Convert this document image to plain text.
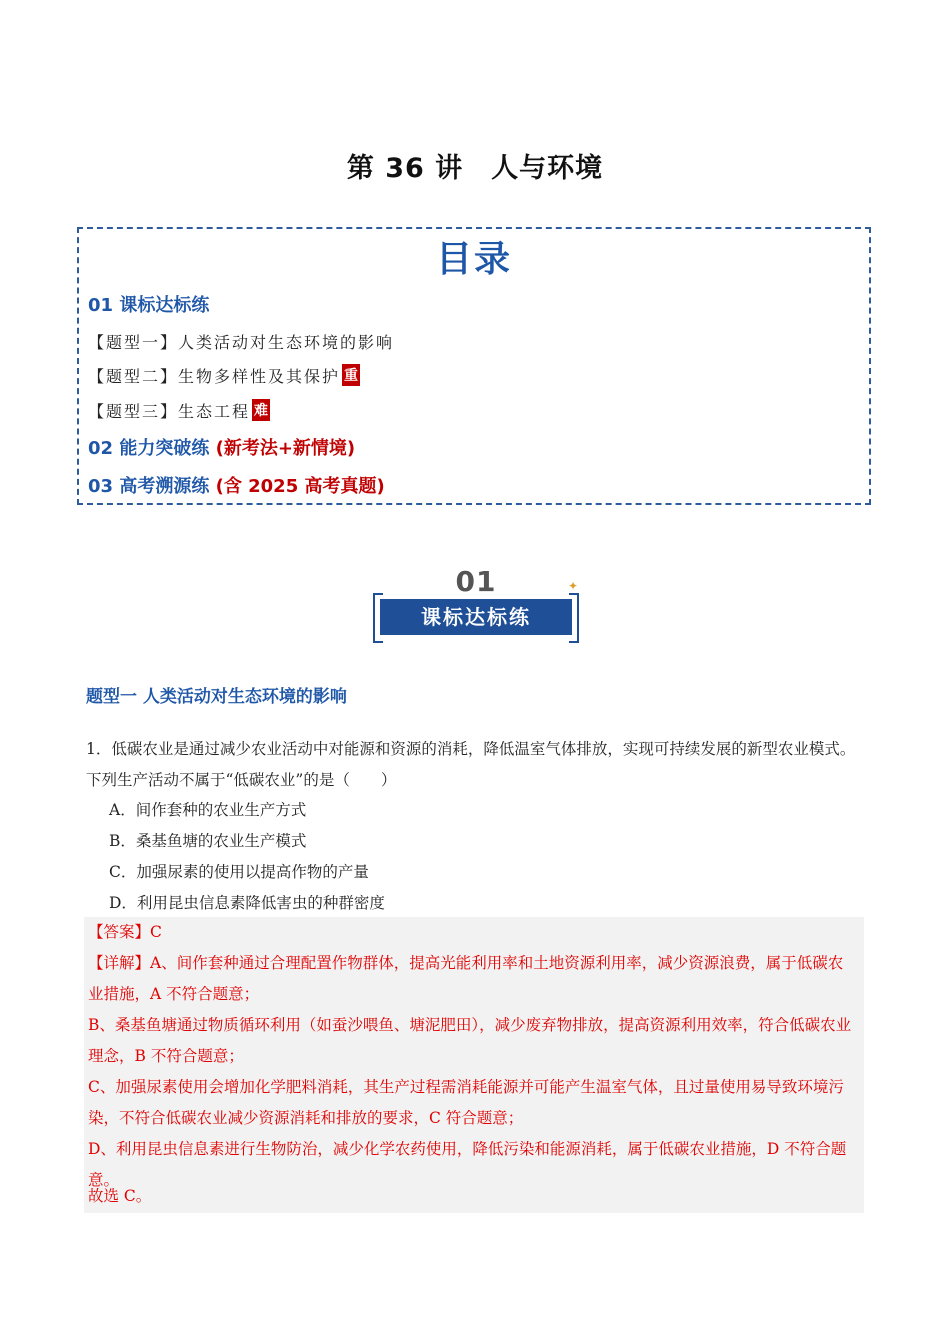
第 36 讲　人与环境
目录
01 课标达标练
【题型一】人类活动对生态环境的影响
【题型二】生物多样性及其保护 重
【题型三】生态工程 难
02 能力突破练 (新考法+新情境)
03 高考溯源练 (含 2025 高考真题)
01
课标达标练
✦
题型一 人类活动对生态环境的影响
1．低碳农业是通过减少农业活动中对能源和资源的消耗，降低温室气体排放，实现可持续发展的新型农业模式。下列生产活动不属于“低碳农业”的是（　　）
A．间作套种的农业生产方式
B．桑基鱼塘的农业生产模式
C．加强尿素的使用以提高作物的产量
D．利用昆虫信息素降低害虫的种群密度
【答案】C
【详解】A、间作套种通过合理配置作物群体，提高光能利用率和土地资源利用率，减少资源浪费，属于低碳农业措施，A 不符合题意；
B、桑基鱼塘通过物质循环利用（如蚕沙喂鱼、塘泥肥田），减少废弃物排放，提高资源利用效率，符合低碳农业理念，B 不符合题意；
C、加强尿素使用会增加化学肥料消耗，其生产过程需消耗能源并可能产生温室气体，且过量使用易导致环境污染，不符合低碳农业减少资源消耗和排放的要求，C 符合题意；
D、利用昆虫信息素进行生物防治，减少化学农药使用，降低污染和能源消耗，属于低碳农业措施，D 不符合题意。
故选 C。
